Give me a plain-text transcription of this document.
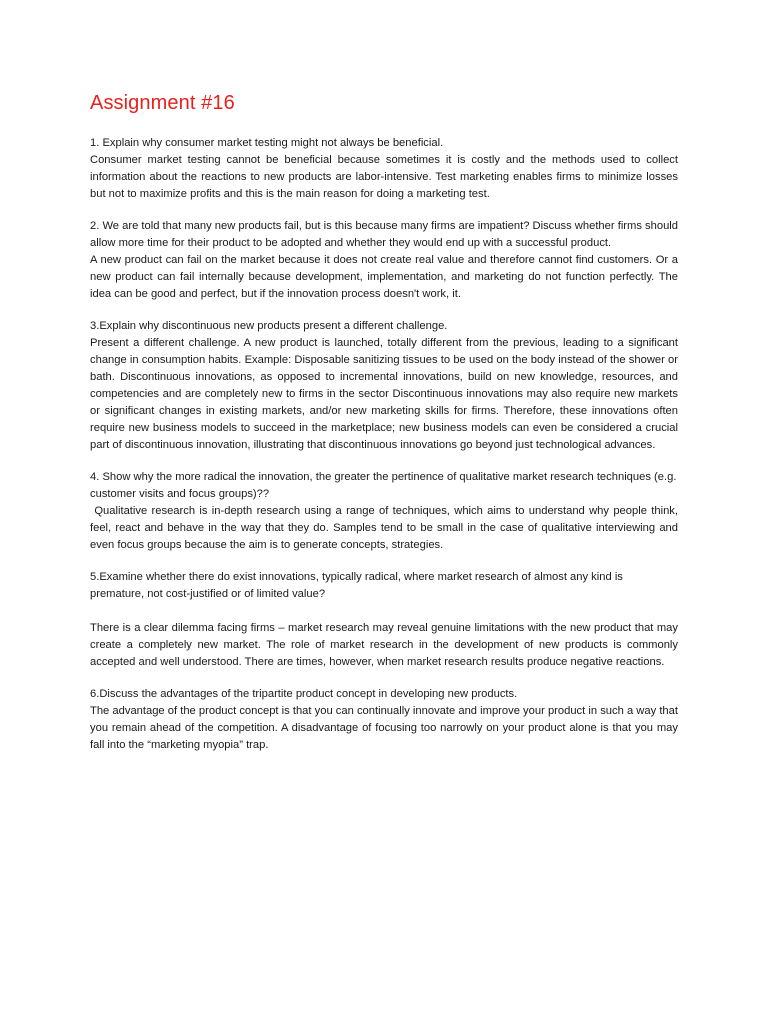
Assignment #16

1. Explain why consumer market testing might not always be beneficial.

Consumer market testing cannot be beneficial because sometimes it is costly and the methods used to collect information about the reactions to new products are labor-intensive. Test marketing enables firms to minimize losses but not to maximize profits and this is the main reason for doing a marketing test.

2. We are told that many new products fail, but is this because many firms are impatient? Discuss whether firms should allow more time for their product to be adopted and whether they would end up with a successful product.

A new product can fail on the market because it does not create real value and therefore cannot find customers. Or a new product can fail internally because development, implementation, and marketing do not function perfectly. The idea can be good and perfect, but if the innovation process doesn't work, it.

3.Explain why discontinuous new products present a different challenge.

Present a different challenge. A new product is launched, totally different from the previous, leading to a significant change in consumption habits. Example: Disposable sanitizing tissues to be used on the body instead of the shower or bath. Discontinuous innovations, as opposed to incremental innovations, build on new knowledge, resources, and competencies and are completely new to firms in the sector Discontinuous innovations may also require new markets or significant changes in existing markets, and/or new marketing skills for firms. Therefore, these innovations often require new business models to succeed in the marketplace; new business models can even be considered a crucial part of discontinuous innovation, illustrating that discontinuous innovations go beyond just technological advances.

4. Show why the more radical the innovation, the greater the pertinence of qualitative market research techniques (e.g. customer visits and focus groups)??

Qualitative research is in-depth research using a range of techniques, which aims to understand why people think, feel, react and behave in the way that they do. Samples tend to be small in the case of qualitative interviewing and even focus groups because the aim is to generate concepts, strategies.

5.Examine whether there do exist innovations, typically radical, where market research of almost any kind is premature, not cost-justified or of limited value?

There is a clear dilemma facing firms – market research may reveal genuine limitations with the new product that may create a completely new market. The role of market research in the development of new products is commonly accepted and well understood. There are times, however, when market research results produce negative reactions.

6.Discuss the advantages of the tripartite product concept in developing new products.

The advantage of the product concept is that you can continually innovate and improve your product in such a way that you remain ahead of the competition. A disadvantage of focusing too narrowly on your product alone is that you may fall into the “marketing myopia” trap.
